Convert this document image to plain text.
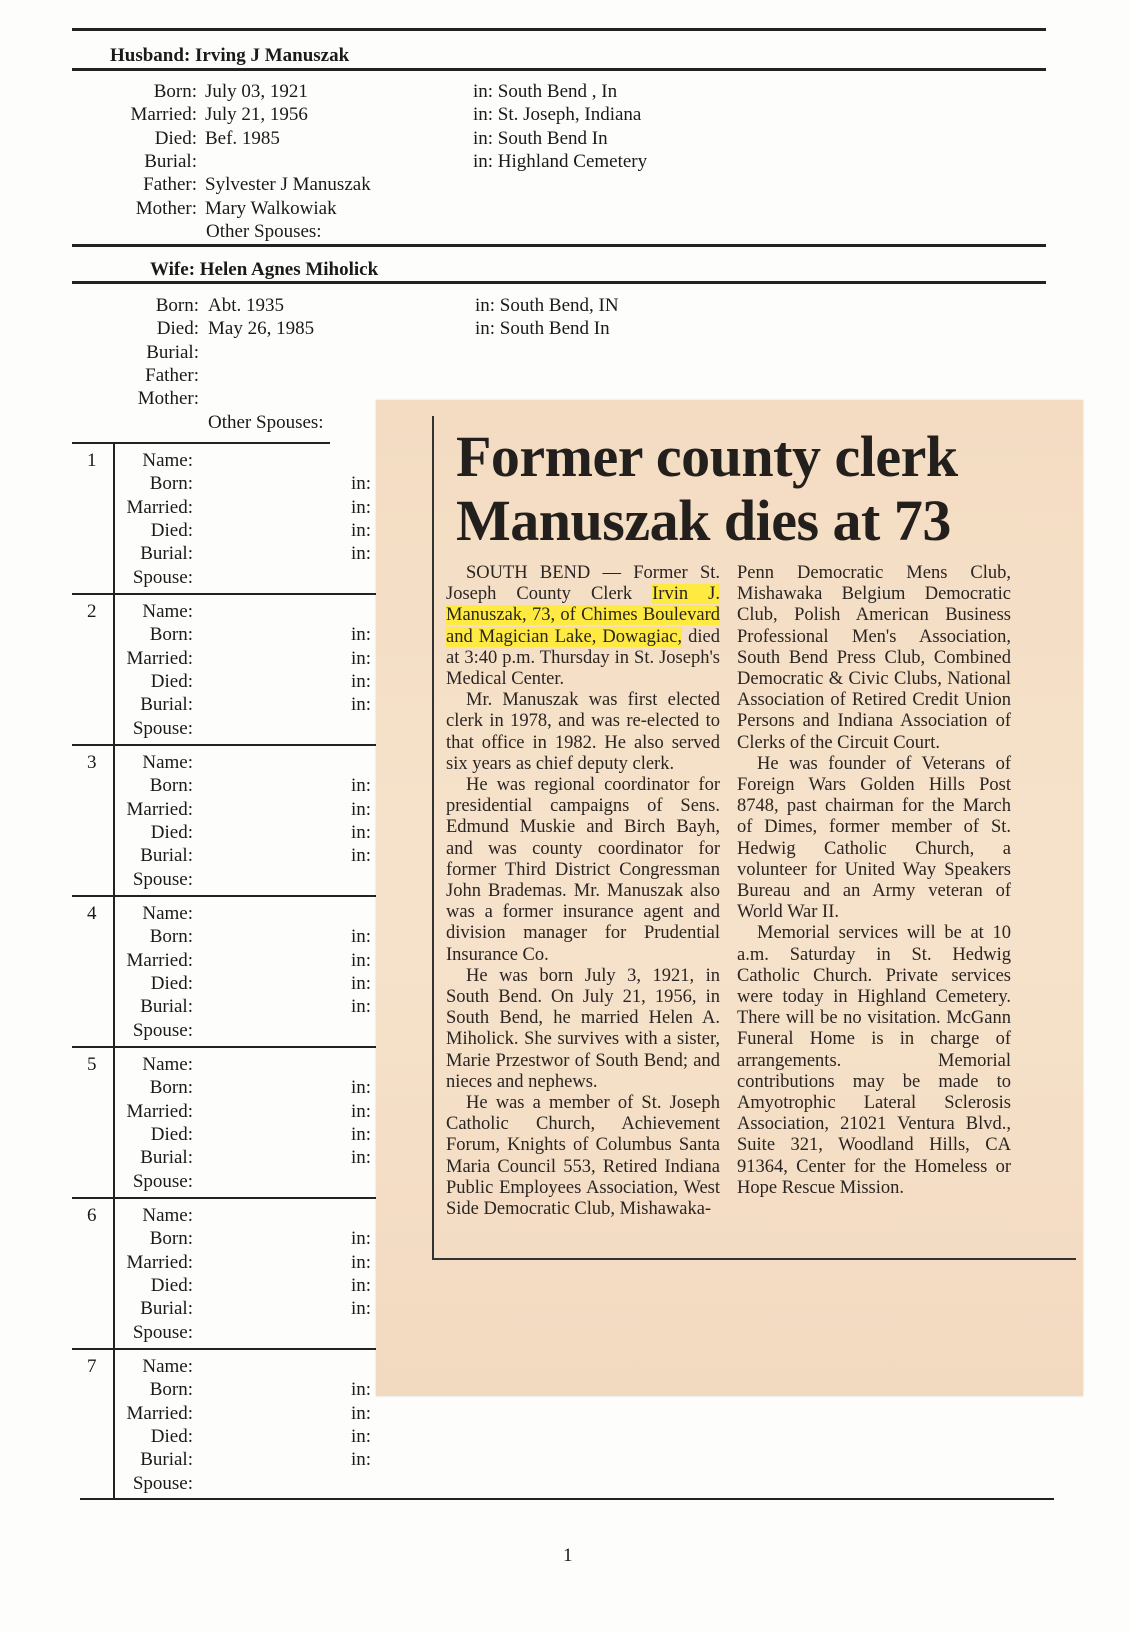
Husband: Irving J Manuszak
Born: July 03, 1921	in: South Bend , In
Married: July 21, 1956	in: St. Joseph, Indiana
Died: Bef. 1985	in: South Bend In
Burial:	in: Highland Cemetery
Father: Sylvester J Manuszak
Mother: Mary Walkowiak
Other Spouses:
Wife: Helen Agnes Miholick
Born: Abt. 1935	in: South Bend, IN
Died: May 26, 1985	in: South Bend In
Burial:
Father:
Mother:
Other Spouses:
1	Name:
Born:	in:
Married:	in:
Died:	in:
Burial:	in:
Spouse:
2	Name:
Born:	in:
Married:	in:
Died:	in:
Burial:	in:
Spouse:
3	Name:
Born:	in:
Married:	in:
Died:	in:
Burial:	in:
Spouse:
4	Name:
Born:	in:
Married:	in:
Died:	in:
Burial:	in:
Spouse:
5	Name:
Born:	in:
Married:	in:
Died:	in:
Burial:	in:
Spouse:
6	Name:
Born:	in:
Married:	in:
Died:	in:
Burial:	in:
Spouse:
7	Name:
Born:	in:
Married:	in:
Died:	in:
Burial:	in:
Spouse:
Former county clerk
Manuszak dies at 73
SOUTH BEND — Former St. Joseph County Clerk Irvin J. Manuszak, 73, of Chimes Boulevard and Magician Lake, Dowagiac, died at 3:40 p.m. Thursday in St. Joseph's Medical Center.
Mr. Manuszak was first elected clerk in 1978, and was re-elected to that office in 1982. He also served six years as chief deputy clerk.
He was regional coordinator for presidential campaigns of Sens. Edmund Muskie and Birch Bayh, and was county coordinator for former Third District Congressman John Brademas. Mr. Manuszak also was a former insurance agent and division manager for Prudential Insurance Co.
He was born July 3, 1921, in South Bend. On July 21, 1956, in South Bend, he married Helen A. Miholick. She survives with a sister, Marie Przestwor of South Bend; and nieces and nephews.
He was a member of St. Joseph Catholic Church, Achievement Forum, Knights of Columbus Santa Maria Council 553, Retired Indiana Public Employees Association, West Side Democratic Club, Mishawaka-
Penn Democratic Mens Club, Mishawaka Belgium Democratic Club, Polish American Business Professional Men's Association, South Bend Press Club, Combined Democratic & Civic Clubs, National Association of Retired Credit Union Persons and Indiana Association of Clerks of the Circuit Court.
He was founder of Veterans of Foreign Wars Golden Hills Post 8748, past chairman for the March of Dimes, former member of St. Hedwig Catholic Church, a volunteer for United Way Speakers Bureau and an Army veteran of World War II.
Memorial services will be at 10 a.m. Saturday in St. Hedwig Catholic Church. Private services were today in Highland Cemetery. There will be no visitation. McGann Funeral Home is in charge of arrangements. Memorial contributions may be made to Amyotrophic Lateral Sclerosis Association, 21021 Ventura Blvd., Suite 321, Woodland Hills, CA 91364, Center for the Homeless or Hope Rescue Mission.
1
